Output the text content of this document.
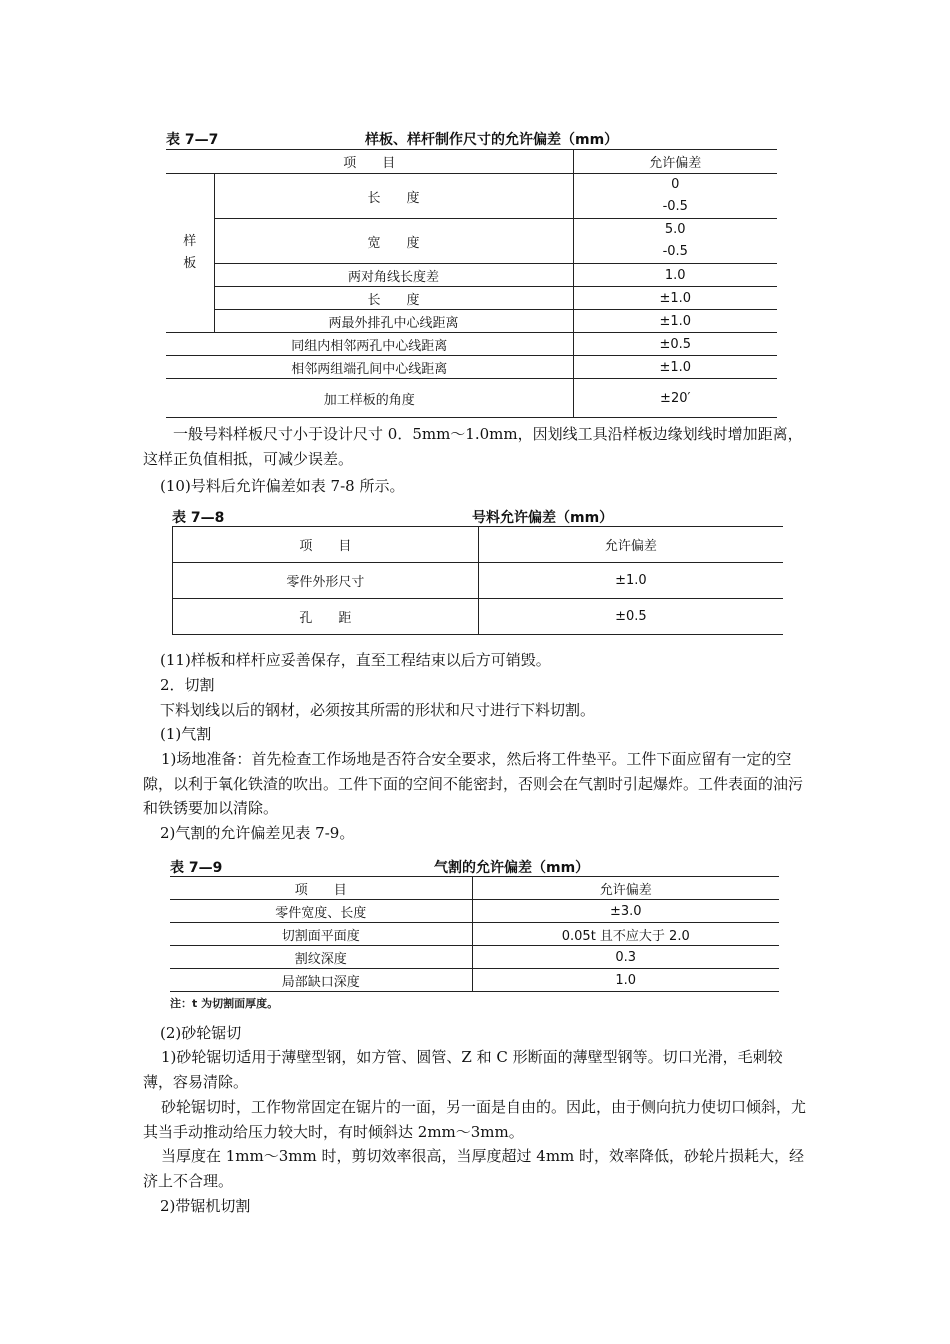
表 7—7	样板、样杆制作尺寸的允许偏差（mm）
项　　目		允许偏差
样板	长　　度	0
-0.5

	宽　　度	5.0
-0.5

	两对角线长度差	1.0
	长　　度	±1.0
	两最外排孔中心线距离	±1.0
同组内相邻两孔中心线距离		±0.5
相邻两组端孔间中心线距离		±1.0
加工样板的角度		±20′

一般号料样板尺寸小于设计尺寸 0．5mm～1.0mm，因划线工具沿样板边缘划线时增加距离，这样正负值相抵，可减少误差。

(10)号料后允许偏差如表 7-8 所示。

表 7—8	号料允许偏差（mm）
项　　目	允许偏差
零件外形尺寸	±1.0
孔　　距	±0.5

(11)样板和样杆应妥善保存，直至工程结束以后方可销毁。

2．切割

下料划线以后的钢材，必须按其所需的形状和尺寸进行下料切割。

(1)气割

1)场地准备：首先检查工作场地是否符合安全要求，然后将工件垫平。工件下面应留有一定的空隙，以利于氧化铁渣的吹出。工件下面的空间不能密封，否则会在气割时引起爆炸。工件表面的油污和铁锈要加以清除。

2)气割的允许偏差见表 7-9。

表 7—9	气割的允许偏差（mm）
项　　目	允许偏差
零件宽度、长度	±3.0
切割面平面度	0.05t 且不应大于 2.0
割纹深度	0.3
局部缺口深度	1.0
注：t 为切割面厚度。

(2)砂轮锯切

1)砂轮锯切适用于薄壁型钢，如方管、圆管、Z 和 C 形断面的薄壁型钢等。切口光滑，毛刺较薄，容易清除。

砂轮锯切时，工作物常固定在锯片的一面，另一面是自由的。因此，由于侧向抗力使切口倾斜，尤其当手动推动给压力较大时，有时倾斜达 2mm～3mm。

当厚度在 1mm～3mm 时，剪切效率很高，当厚度超过 4mm 时，效率降低，砂轮片损耗大，经济上不合理。

2)带锯机切割
